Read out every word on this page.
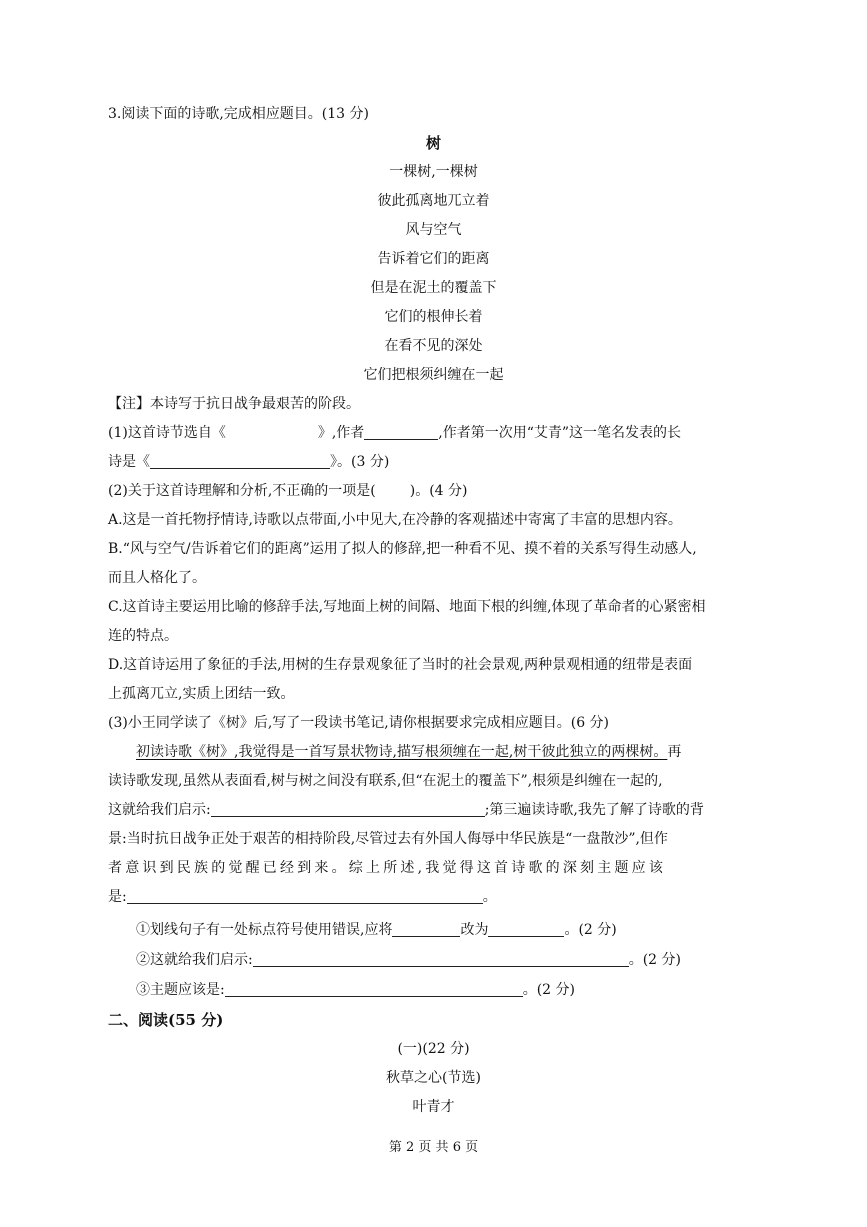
3.阅读下面的诗歌,完成相应题目。(13 分)
树
一棵树,一棵树
彼此孤离地兀立着
风与空气
告诉着它们的距离
但是在泥土的覆盖下
它们的根伸长着
在看不见的深处
它们把根须纠缠在一起
【注】本诗写于抗日战争最艰苦的阶段。
(1)这首诗节选自《	》,作者	,作者第一次用“艾青”这一笔名发表的长
诗是《	》。(3 分)
(2)关于这首诗理解和分析,不正确的一项是( )。(4 分)
A.这是一首托物抒情诗,诗歌以点带面,小中见大,在冷静的客观描述中寄寓了丰富的思想内容。
B.“风与空气/告诉着它们的距离”运用了拟人的修辞,把一种看不见、摸不着的关系写得生动感人,
而且人格化了。
C.这首诗主要运用比喻的修辞手法,写地面上树的间隔、地面下根的纠缠,体现了革命者的心紧密相
连的特点。
D.这首诗运用了象征的手法,用树的生存景观象征了当时的社会景观,两种景观相通的纽带是表面
上孤离兀立,实质上团结一致。
(3)小王同学读了《树》后,写了一段读书笔记,请你根据要求完成相应题目。(6 分)
初读诗歌《树》,我觉得是一首写景状物诗,描写根须缠在一起,树干彼此独立的两棵树。再
读诗歌发现,虽然从表面看,树与树之间没有联系,但“在泥土的覆盖下”,根须是纠缠在一起的,
这就给我们启示:	;第三遍读诗歌,我先了解了诗歌的背
景:当时抗日战争正处于艰苦的相持阶段,尽管过去有外国人侮辱中华民族是“一盘散沙”,但作
者意识到民族的觉醒已经到来。综上所述,我觉得这首诗歌的深刻主题应该
是:	。
①划线句子有一处标点符号使用错误,应将	改为	。(2 分)
②这就给我们启示:	。(2 分)
③主题应该是:	。(2 分)
二、阅读(55 分)
(一)(22 分)
秋草之心(节选)
叶青才
第 2 页 共 6 页
